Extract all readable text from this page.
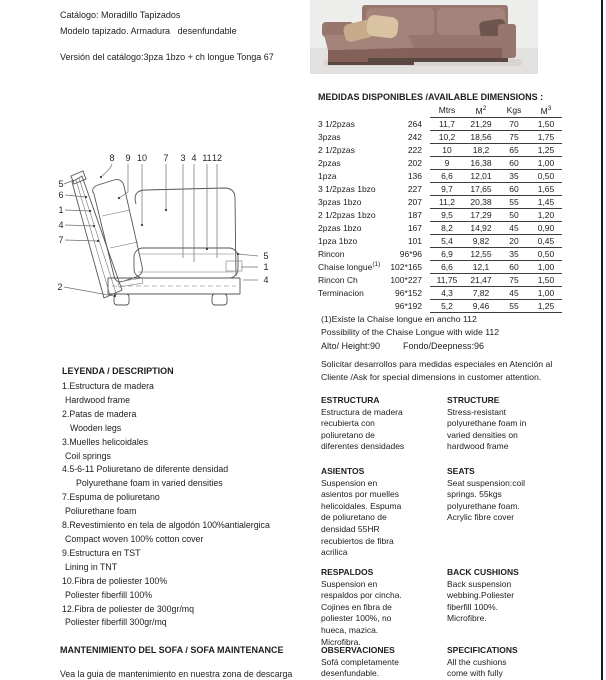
Catálogo: Moradillo Tapizados
Modelo tapizado. Armadura   desenfundable
Versión del catálogo:3pza 1bzo + ch longue Tonga 67
8 9 10 7 3 4 11 12
5
6
1
4
7
2
5
1
4
MEDIDAS DISPONIBLES /AVAILABLE DIMENSIONS :
		Mtrs	$M^2$	Kgs	$M^3$
3 1/2pzas	264	11,7	21,29	70	1,50
3pzas	242	10,2	18,56	75	1,75
2 1/2pzas	222	10	18,2	65	1,25
2pzas	202	9	16,38	60	1,00
1pza	136	6,6	12,01	35	0,50
3 1/2pzas 1bzo	227	9,7	17,65	60	1,65
3pzas 1bzo	207	11,2	20,38	55	1,45
2 1/2pzas 1bzo	187	9,5	17,29	50	1,20
2pzas 1bzo	167	8,2	14,92	45	0,90
1pza 1bzo	101	5,4	9,82	20	0,45
Rincon	96*96	6,9	12,55	35	0,50
Chaise longue$^{(1)}$	102*165	6,6	12,1	60	1,00
Rincon Ch	100*227	11,75	21,47	75	1,50
Terminacion	96*152	4,3	7,82	45	1,00
	96*192	5,2	9,46	55	1,25
(1)Existe la Chaise longue en ancho 112
Possibility of the Chaise Longue with wide 112
Alto/ Height:90	Fondo/Deepness:96
Solicitar desarrollos para medidas especiales en Atención al
Cliente /Ask for special dimensions in customer attention.
LEYENDA / DESCRIPTION
1.Estructura de madera
Hardwood frame
2.Patas de madera
Wooden legs
3.Muelles helicoidales
Coil springs
4.5-6-11 Poliuretano de diferente densidad
Polyurethane foam in varied densities
7.Espuma de poliuretano
Poliurethane foam
8.Revestimiento en tela de algodón 100%antialergica
Compact woven 100% cotton cover
9.Estructura en TST
Lining in TNT
10.Fibra de poliester 100%
Poliester fiberfill 100%
12.Fibra de poliester de 300gr/mq
Poliester fiberfill 300gr/mq
ESTRUCTURA
Estructura de madera
recubierta con
poliuretano de
diferentes densidades
STRUCTURE
Stress-resistant
polyurethane foam in
varied densities on
hardwood frame
ASIENTOS
Suspension en
asientos por muelles
helicoidales. Espuma
de poliuretano de
densidad 55HR
recubiertos de fibra
acrilica
SEATS
Seat suspension:coil
springs. 55kgs
polyurethane foam.
Acrylic fibre cover
RESPALDOS
Suspension en
respaldos por cincha.
Cojines en fibra de
poliester 100%, no
hueca, mazica.
Microfibra.
BACK CUSHIONS
Back suspension
webbing.Poliester
fiberfill 100%.
Microfibre.
OBSERVACIONES
Sofá completamente
desenfundable.
SPECIFICATIONS
All the cushions
come with fully
MANTENIMIENTO DEL SOFA / SOFA MAINTENANCE
Vea la guia de mantenimiento en nuestra zona de descarga
